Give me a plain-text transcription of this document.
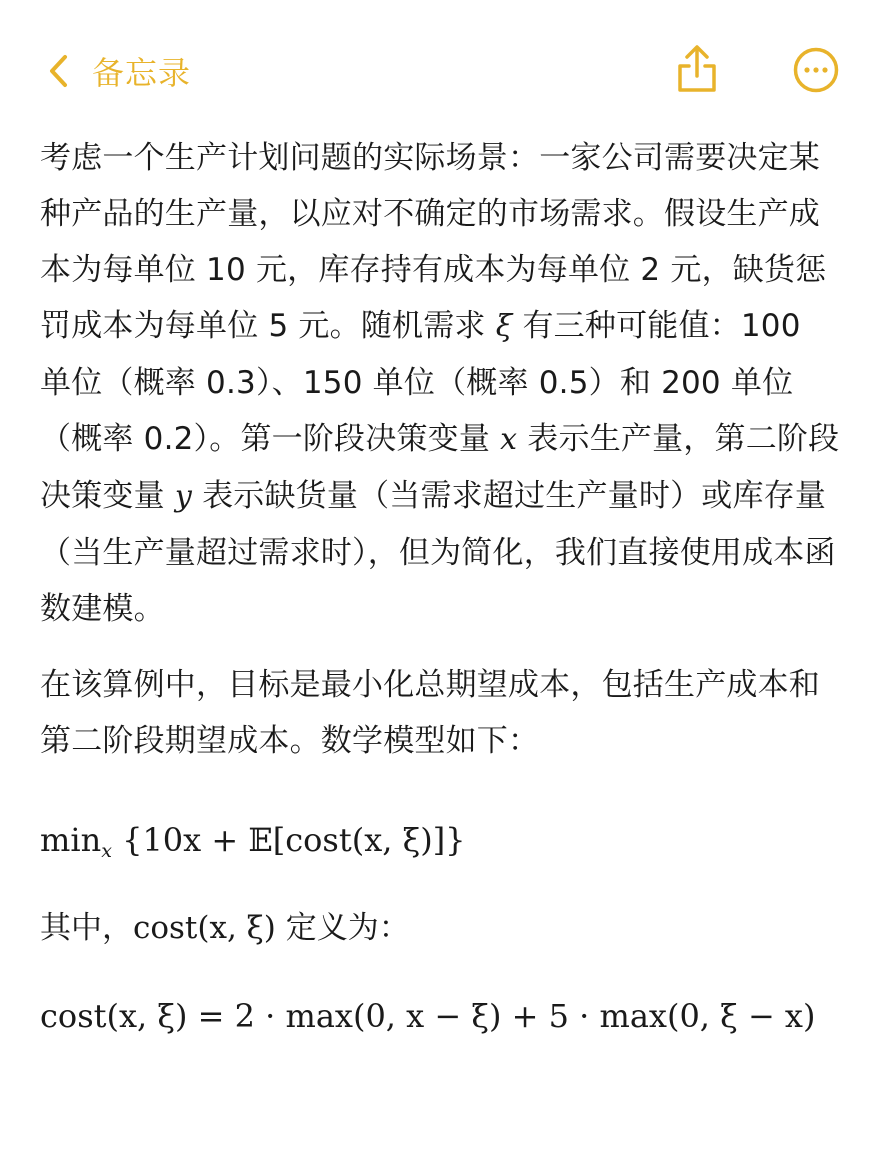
备忘录

考虑一个生产计划问题的实际场景：一家公司需要决定某种产品的生产量，以应对不确定的市场需求。假设生产成本为每单位 10 元，库存持有成本为每单位 2 元，缺货惩罚成本为每单位 5 元。随机需求 ξ 有三种可能值：100 单位（概率 0.3）、150 单位（概率 0.5）和 200 单位（概率 0.2）。第一阶段决策变量 x 表示生产量，第二阶段决策变量 y 表示缺货量（当需求超过生产量时）或库存量（当生产量超过需求时），但为简化，我们直接使用成本函数建模。

在该算例中，目标是最小化总期望成本，包括生产成本和第二阶段期望成本。数学模型如下：

$\min_x \{10x$ + 𝔼[cost(x, ξ)]}
其中，cost(x, ξ) 定义为：
cost(x, ξ) = 2 · max(0, x − ξ) + 5 · max(0, ξ − x)
